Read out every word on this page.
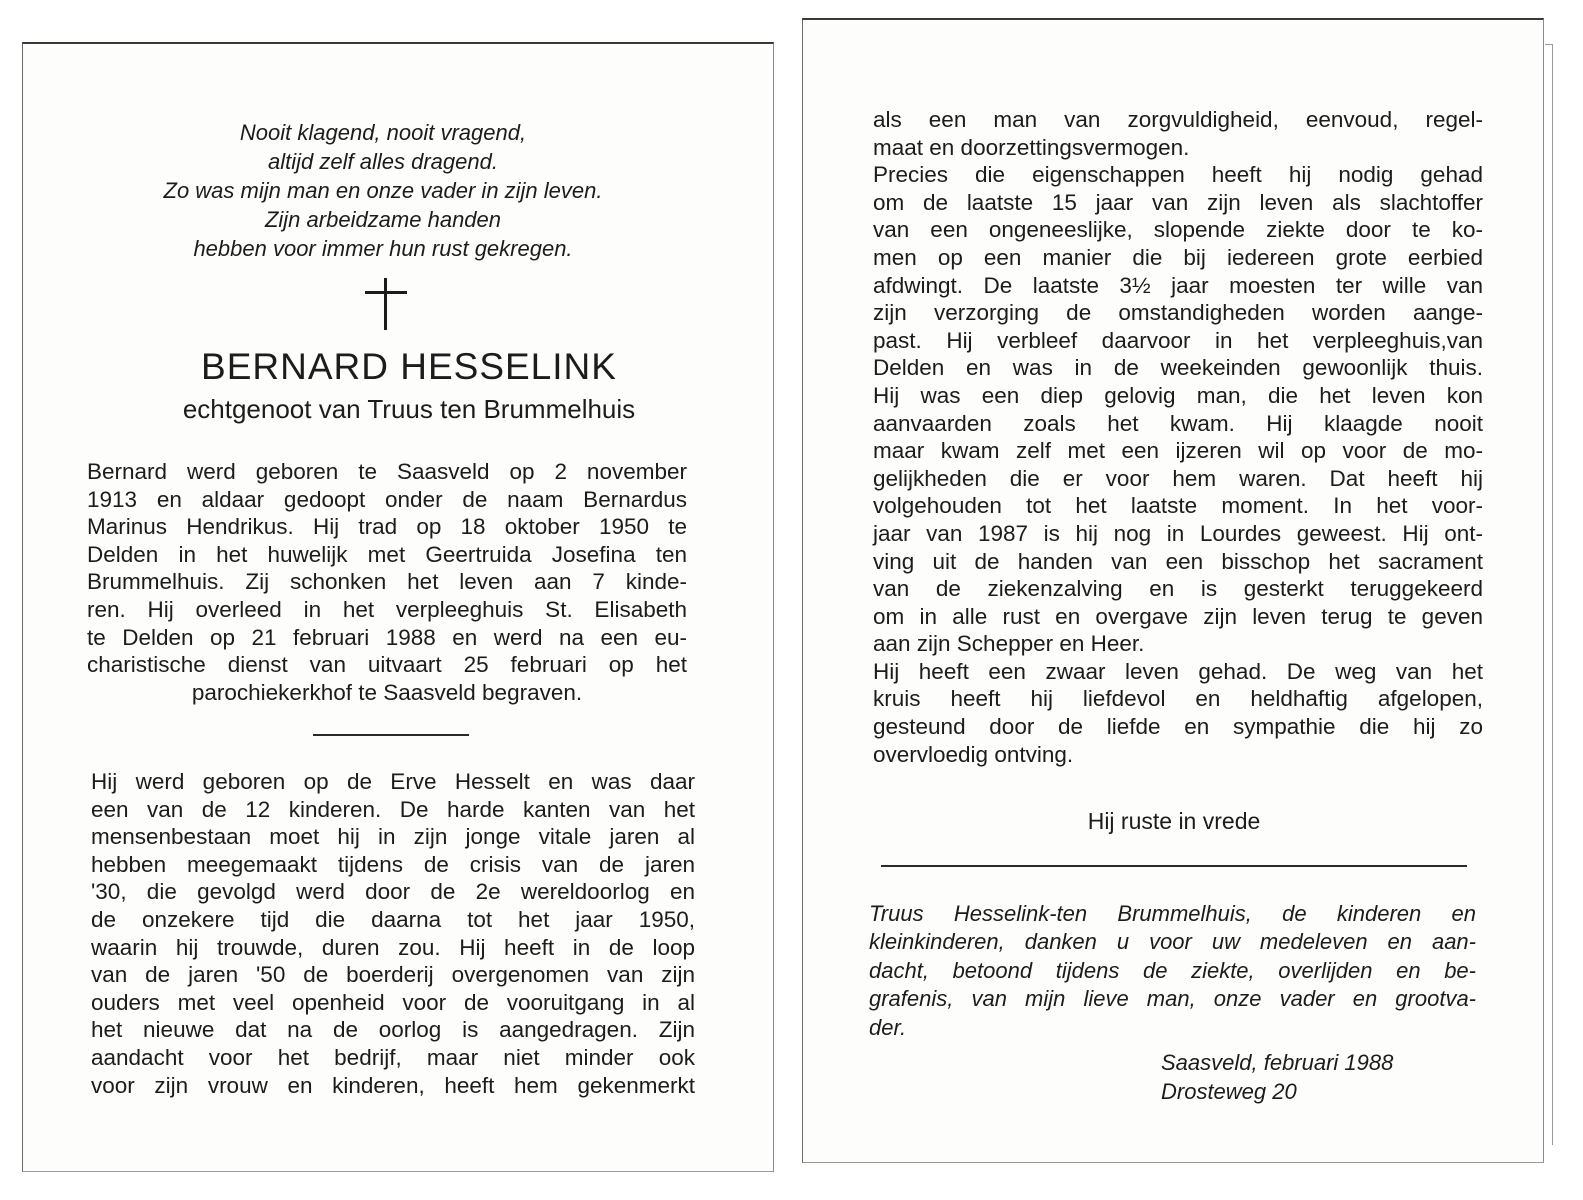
Nooit klagend, nooit vragend,
altijd zelf alles dragend.
Zo was mijn man en onze vader in zijn leven.
Zijn arbeidzame handen
hebben voor immer hun rust gekregen.
BERNARD HESSELINK
echtgenoot van Truus ten Brummelhuis
Bernard werd geboren te Saasveld op 2 november
1913 en aldaar gedoopt onder de naam Bernardus
Marinus Hendrikus. Hij trad op 18 oktober 1950 te
Delden in het huwelijk met Geertruida Josefina ten
Brummelhuis. Zij schonken het leven aan 7 kinde-
ren. Hij overleed in het verpleeghuis St. Elisabeth
te Delden op 21 februari 1988 en werd na een eu-
charistische dienst van uitvaart 25 februari op het
parochiekerkhof te Saasveld begraven.
Hij werd geboren op de Erve Hesselt en was daar
een van de 12 kinderen. De harde kanten van het
mensenbestaan moet hij in zijn jonge vitale jaren al
hebben meegemaakt tijdens de crisis van de jaren
'30, die gevolgd werd door de 2e wereldoorlog en
de onzekere tijd die daarna tot het jaar 1950,
waarin hij trouwde, duren zou. Hij heeft in de loop
van de jaren '50 de boerderij overgenomen van zijn
ouders met veel openheid voor de vooruitgang in al
het nieuwe dat na de oorlog is aangedragen. Zijn
aandacht voor het bedrijf, maar niet minder ook
voor zijn vrouw en kinderen, heeft hem gekenmerkt
als een man van zorgvuldigheid, eenvoud, regel-
maat en doorzettingsvermogen.
Precies die eigenschappen heeft hij nodig gehad
om de laatste 15 jaar van zijn leven als slachtoffer
van een ongeneeslijke, slopende ziekte door te ko-
men op een manier die bij iedereen grote eerbied
afdwingt. De laatste 3½ jaar moesten ter wille van
zijn verzorging de omstandigheden worden aange-
past. Hij verbleef daarvoor in het verpleeghuis,van
Delden en was in de weekeinden gewoonlijk thuis.
Hij was een diep gelovig man, die het leven kon
aanvaarden zoals het kwam. Hij klaagde nooit
maar kwam zelf met een ijzeren wil op voor de mo-
gelijkheden die er voor hem waren. Dat heeft hij
volgehouden tot het laatste moment. In het voor-
jaar van 1987 is hij nog in Lourdes geweest. Hij ont-
ving uit de handen van een bisschop het sacrament
van de ziekenzalving en is gesterkt teruggekeerd
om in alle rust en overgave zijn leven terug te geven
aan zijn Schepper en Heer.
Hij heeft een zwaar leven gehad. De weg van het
kruis heeft hij liefdevol en heldhaftig afgelopen,
gesteund door de liefde en sympathie die hij zo
overvloedig ontving.
Hij ruste in vrede
Truus Hesselink-ten Brummelhuis, de kinderen en
kleinkinderen, danken u voor uw medeleven en aan-
dacht, betoond tijdens de ziekte, overlijden en be-
grafenis, van mijn lieve man, onze vader en grootva-
der.
Saasveld, februari 1988
Drosteweg 20
